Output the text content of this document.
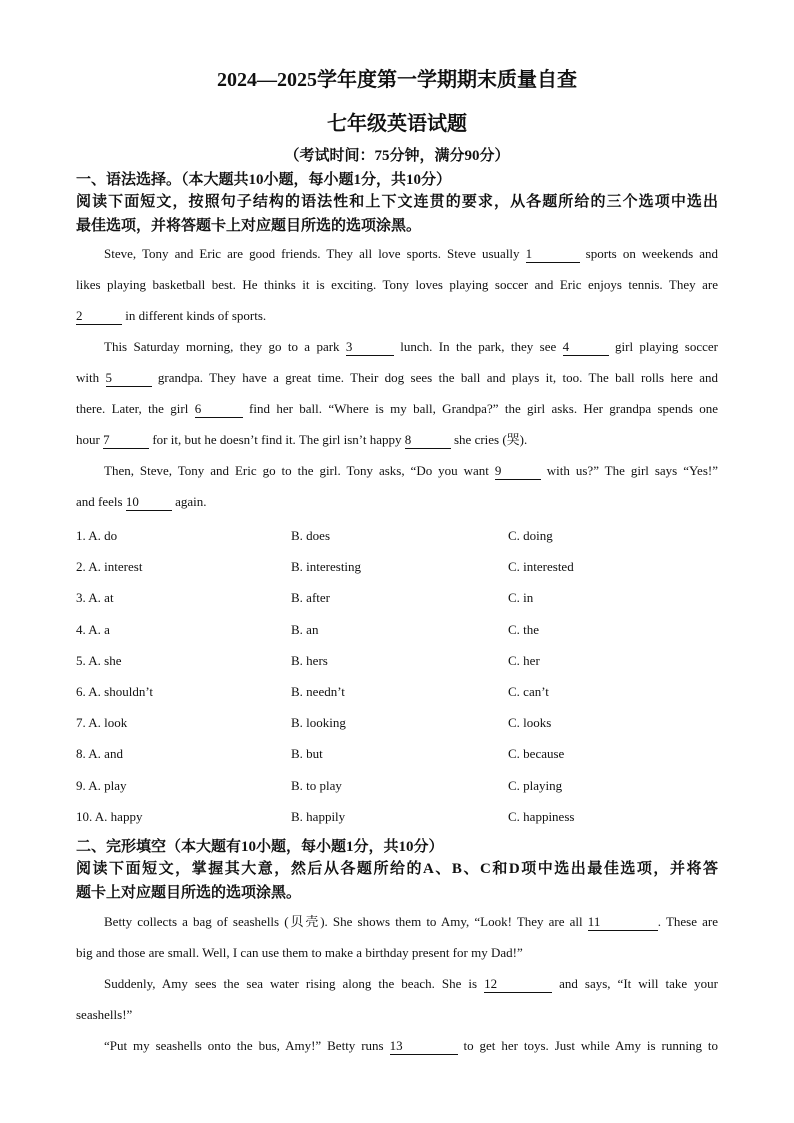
2024—2025学年度第一学期期末质量自查
七年级英语试题
（考试时间：75分钟，满分90分）
一、语法选择。（本大题共10小题，每小题1分，共10分）
阅读下面短文，按照句子结构的语法性和上下文连贯的要求，从各题所给的三个选项中选出
最佳选项，并将答题卡上对应题目所选的选项涂黑。
Steve, Tony and Eric are good friends. They all love sports. Steve usually 1	sports on weekends and
likes playing basketball best. He thinks it is exciting. Tony loves playing soccer and Eric enjoys tennis. They are
2	in different kinds of sports.
This Saturday morning, they go to a park 3	lunch. In the park, they see 4	girl playing soccer
with 5	grandpa. They have a great time. Their dog sees the ball and plays it, too. The ball rolls here and
there. Later, the girl 6	find her ball. “Where is my ball, Grandpa?” the girl asks. Her grandpa spends one
hour 7	for it, but he doesn’t find it. The girl isn’t happy 8	she cries (哭).
Then, Steve, Tony and Eric go to the girl. Tony asks, “Do you want 9	with us?” The girl says “Yes!”
and feels 10	again.
1. A. do	B. does	C. doing
2. A. interest	B. interesting	C. interested
3. A. at	B. after	C. in
4. A. a	B. an	C. the
5. A. she	B. hers	C. her
6. A. shouldn’t	B. needn’t	C. can’t
7. A. look	B. looking	C. looks
8. A. and	B. but	C. because
9. A. play	B. to play	C. playing
10. A. happy	B. happily	C. happiness
二、完形填空（本大题有10小题，每小题1分，共10分）
阅读下面短文，掌握其大意，然后从各题所给的A、B、C和D项中选出最佳选项，并将答
题卡上对应题目所选的选项涂黑。
Betty collects a bag of seashells (贝壳). She shows them to Amy, “Look! They are all 11	. These are
big and those are small. Well, I can use them to make a birthday present for my Dad!”
Suddenly, Amy sees the sea water rising along the beach. She is 12	and says, “It will take your
seashells!”
“Put my seashells onto the bus, Amy!” Betty runs 13	to get her toys. Just while Amy is running to
